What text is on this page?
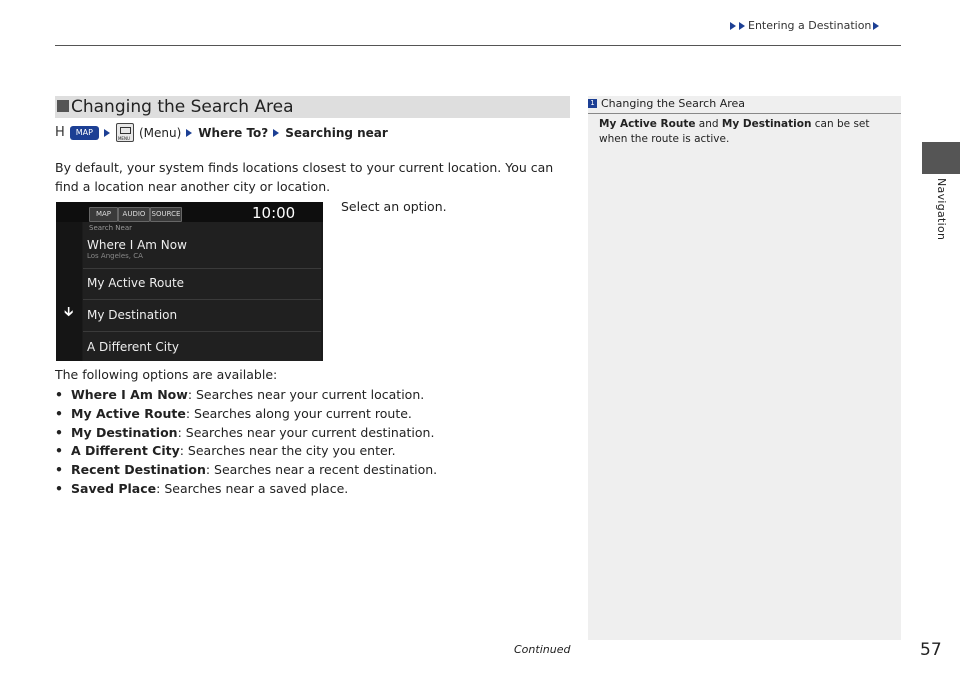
Entering a Destination
Navigation
Changing the Search Area
H	MAP
MENU	(Menu) Where To? Searching near
By default, your system finds locations closest to your current location. You can find a location near another city or location.
Select an option.
MAP	AUDIO SOURCE	10:00
🡳
Search Near
Where I Am Now
Los Angeles, CA
My Active Route
My Destination
A Different City
The following options are available:
• Where I Am Now: Searches near your current location.
• My Active Route: Searches along your current route.
• My Destination: Searches near your current destination.
• A Different City: Searches near the city you enter.
• Recent Destination: Searches near a recent destination.
• Saved Place: Searches near a saved place.
1 Changing the Search Area
My Active Route and My Destination can be set when the route is active.
Continued	57
